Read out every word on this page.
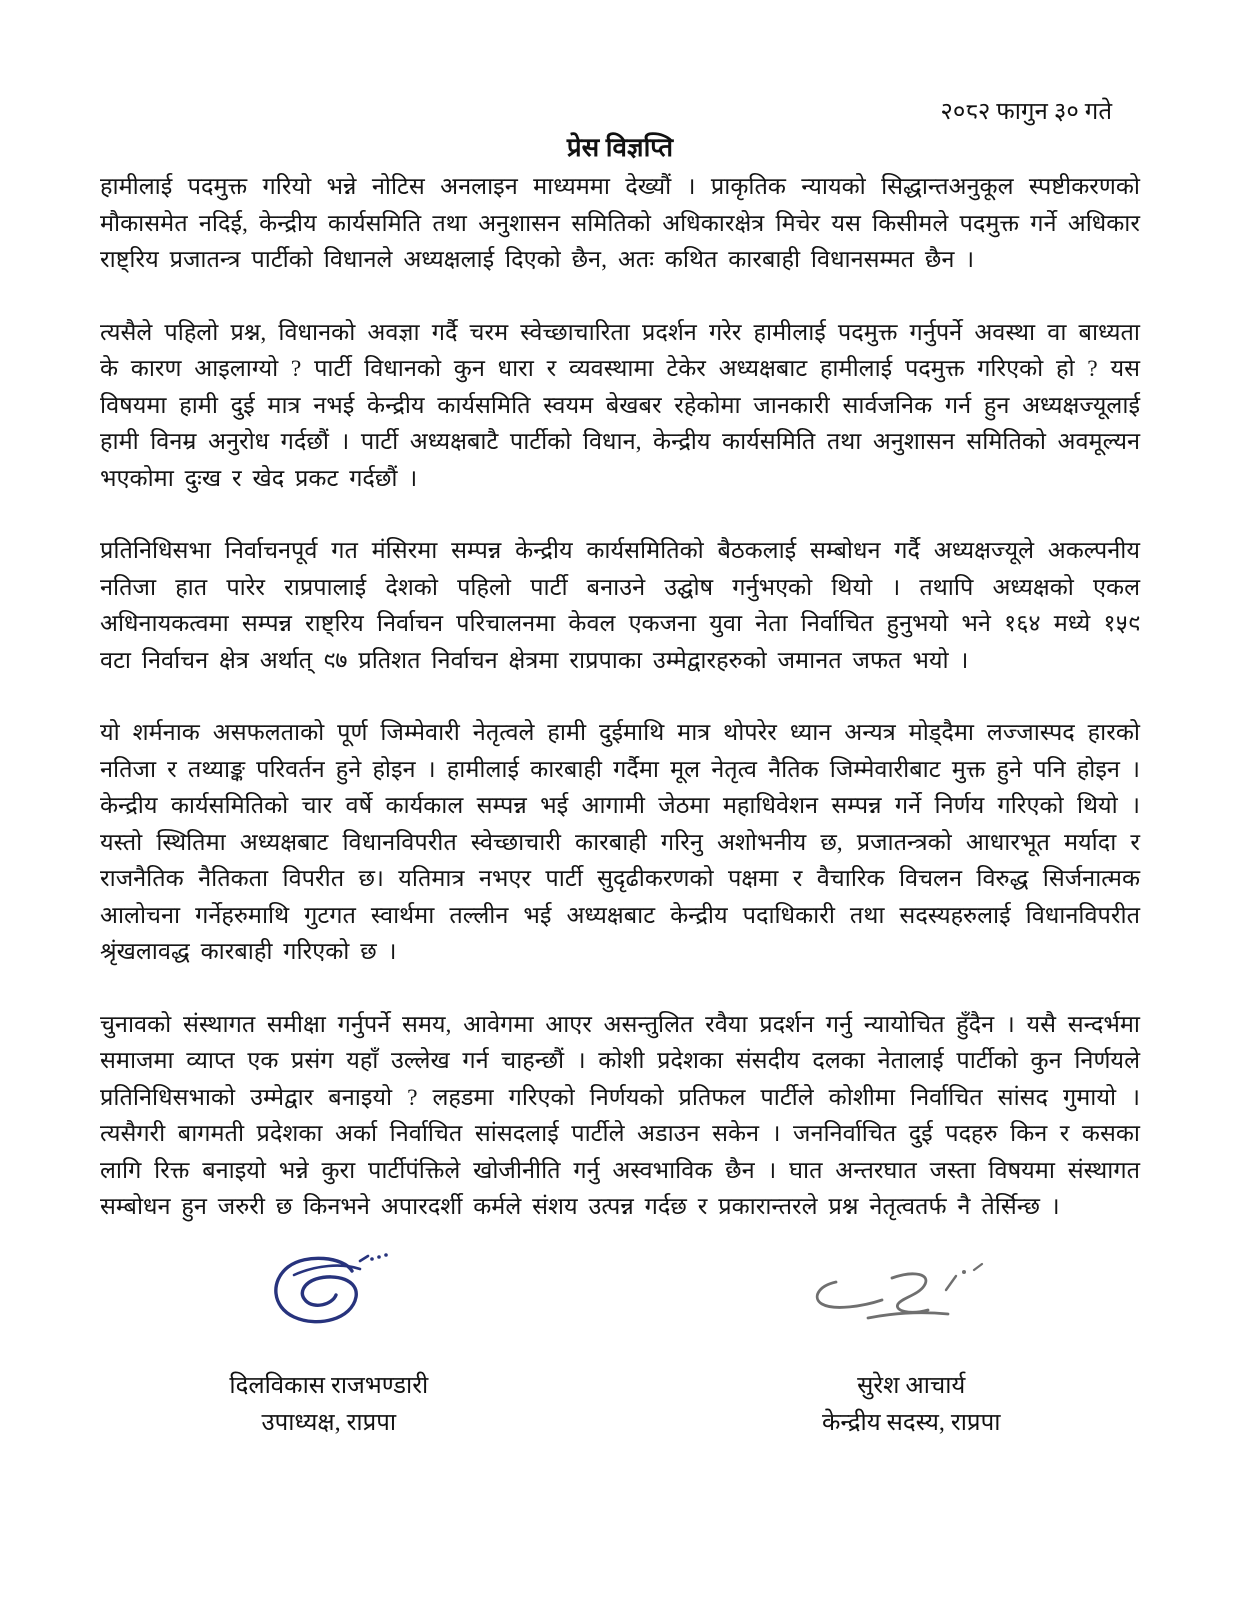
२०८२ फागुन ३० गते
प्रेस विज्ञप्ति

हामीलाई पदमुक्त गरियो भन्ने नोटिस अनलाइन माध्यममा देख्यौं । प्राकृतिक न्यायको सिद्धान्तअनुकूल स्पष्टीकरणको मौकासमेत नदिई, केन्द्रीय कार्यसमिति तथा अनुशासन समितिको अधिकारक्षेत्र मिचेर यस किसीमले पदमुक्त गर्ने अधिकार राष्ट्रिय प्रजातन्त्र पार्टीको विधानले अध्यक्षलाई दिएको छैन, अतः कथित कारबाही विधानसम्मत छैन ।

त्यसैले पहिलो प्रश्न, विधानको अवज्ञा गर्दै चरम स्वेच्छाचारिता प्रदर्शन गरेर हामीलाई पदमुक्त गर्नुपर्ने अवस्था वा बाध्यता के कारण आइलाग्यो ? पार्टी विधानको कुन धारा र व्यवस्थामा टेकेर अध्यक्षबाट हामीलाई पदमुक्त गरिएको हो ? यस विषयमा हामी दुई मात्र नभई केन्द्रीय कार्यसमिति स्वयम बेखबर रहेकोमा जानकारी सार्वजनिक गर्न हुन अध्यक्षज्यूलाई हामी विनम्र अनुरोध गर्दछौं । पार्टी अध्यक्षबाटै पार्टीको विधान, केन्द्रीय कार्यसमिति तथा अनुशासन समितिको अवमूल्यन भएकोमा दुःख र खेद प्रकट गर्दछौं ।

प्रतिनिधिसभा निर्वाचनपूर्व गत मंसिरमा सम्पन्न केन्द्रीय कार्यसमितिको बैठकलाई सम्बोधन गर्दै अध्यक्षज्यूले अकल्पनीय नतिजा हात पारेर राप्रपालाई देशको पहिलो पार्टी बनाउने उद्घोष गर्नुभएको थियो । तथापि अध्यक्षको एकल अधिनायकत्वमा सम्पन्न राष्ट्रिय निर्वाचन परिचालनमा केवल एकजना युवा नेता निर्वाचित हुनुभयो भने १६४ मध्ये १५९ वटा निर्वाचन क्षेत्र अर्थात् ९७ प्रतिशत निर्वाचन क्षेत्रमा राप्रपाका उम्मेद्वारहरुको जमानत जफत भयो ।

यो शर्मनाक असफलताको पूर्ण जिम्मेवारी नेतृत्वले हामी दुईमाथि मात्र थोपरेर ध्यान अन्यत्र मोड्दैमा लज्जास्पद हारको नतिजा र तथ्याङ्क परिवर्तन हुने होइन । हामीलाई कारबाही गर्दैमा मूल नेतृत्व नैतिक जिम्मेवारीबाट मुक्त हुने पनि होइन । केन्द्रीय कार्यसमितिको चार वर्षे कार्यकाल सम्पन्न भई आगामी जेठमा महाधिवेशन सम्पन्न गर्ने निर्णय गरिएको थियो । यस्तो स्थितिमा अध्यक्षबाट विधानविपरीत स्वेच्छाचारी कारबाही गरिनु अशोभनीय छ, प्रजातन्त्रको आधारभूत मर्यादा र राजनैतिक नैतिकता विपरीत छ। यतिमात्र नभएर पार्टी सुदृढीकरणको पक्षमा र वैचारिक विचलन विरुद्ध सिर्जनात्मक आलोचना गर्नेहरुमाथि गुटगत स्वार्थमा तल्लीन भई अध्यक्षबाट केन्द्रीय पदाधिकारी तथा सदस्यहरुलाई विधानविपरीत श्रृंखलावद्ध कारबाही गरिएको छ ।

चुनावको संस्थागत समीक्षा गर्नुपर्ने समय, आवेगमा आएर असन्तुलित रवैया प्रदर्शन गर्नु न्यायोचित हुँदैन । यसै सन्दर्भमा समाजमा व्याप्त एक प्रसंग यहाँ उल्लेख गर्न चाहन्छौं । कोशी प्रदेशका संसदीय दलका नेतालाई पार्टीको कुन निर्णयले प्रतिनिधिसभाको उम्मेद्वार बनाइयो ? लहडमा गरिएको निर्णयको प्रतिफल पार्टीले कोशीमा निर्वाचित सांसद गुमायो । त्यसैगरी बागमती प्रदेशका अर्का निर्वाचित सांसदलाई पार्टीले अडाउन सकेन । जननिर्वाचित दुई पदहरु किन र कसका लागि रिक्त बनाइयो भन्ने कुरा पार्टीपंक्तिले खोजीनीति गर्नु अस्वभाविक छैन । घात अन्तरघात जस्ता विषयमा संस्थागत सम्बोधन हुन जरुरी छ किनभने अपारदर्शी कर्मले संशय उत्पन्न गर्दछ र प्रकारान्तरले प्रश्न नेतृत्वतर्फ नै तेर्सिन्छ ।

दिलविकास राजभण्डारी
उपाध्यक्ष, राप्रपा
सुरेश आचार्य
केन्द्रीय सदस्य, राप्रपा
